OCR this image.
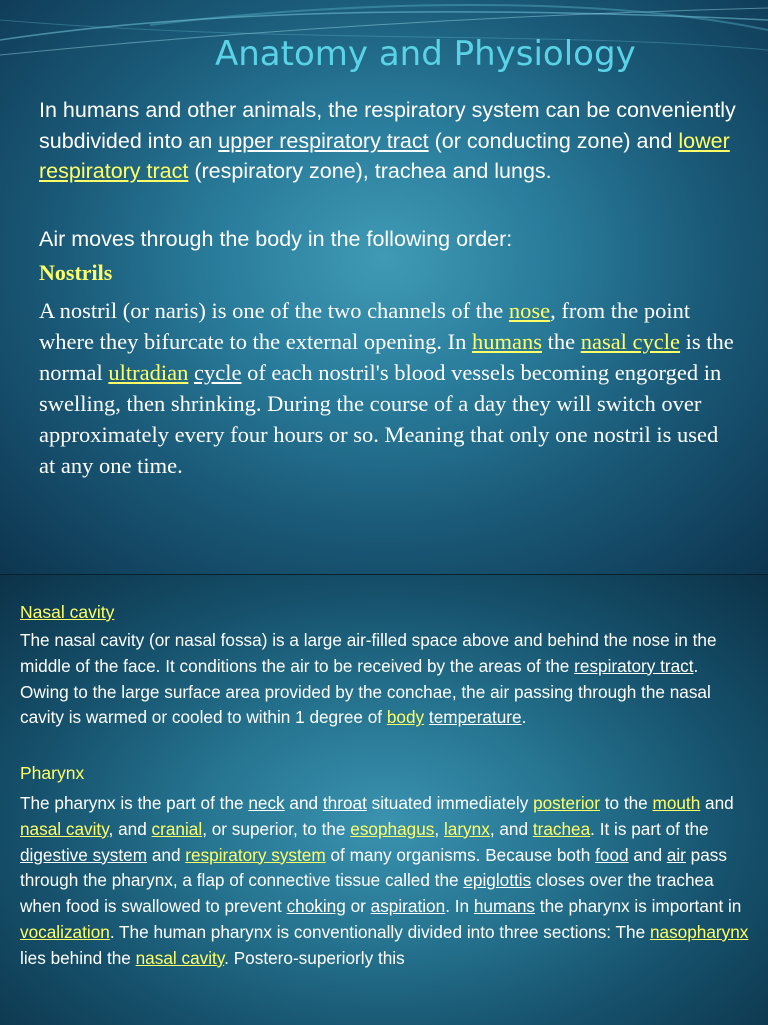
Anatomy and Physiology
In humans and other animals, the respiratory system can be conveniently subdivided into an upper respiratory tract (or conducting zone) and lower respiratory tract (respiratory zone), trachea and lungs.
Air moves through the body in the following order:
Nostrils
A nostril (or naris) is one of the two channels of the nose, from the point where they bifurcate to the external opening. In humans the nasal cycle is the normal ultradian cycle of each nostril's blood vessels becoming engorged in swelling, then shrinking. During the course of a day they will switch over approximately every four hours or so. Meaning that only one nostril is used at any one time.
Nasal cavity
The nasal cavity (or nasal fossa) is a large air-filled space above and behind the nose in the middle of the face. It conditions the air to be received by the areas of the respiratory tract. Owing to the large surface area provided by the conchae, the air passing through the nasal cavity is warmed or cooled to within 1 degree of body temperature.
Pharynx
The pharynx is the part of the neck and throat situated immediately posterior to the mouth and nasal cavity, and cranial, or superior, to the esophagus, larynx, and trachea. It is part of the digestive system and respiratory system of many organisms. Because both food and air pass through the pharynx, a flap of connective tissue called the epiglottis closes over the trachea when food is swallowed to prevent choking or aspiration. In humans the pharynx is important in vocalization. The human pharynx is conventionally divided into three sections: The nasopharynx lies behind the nasal cavity. Postero-superiorly this
